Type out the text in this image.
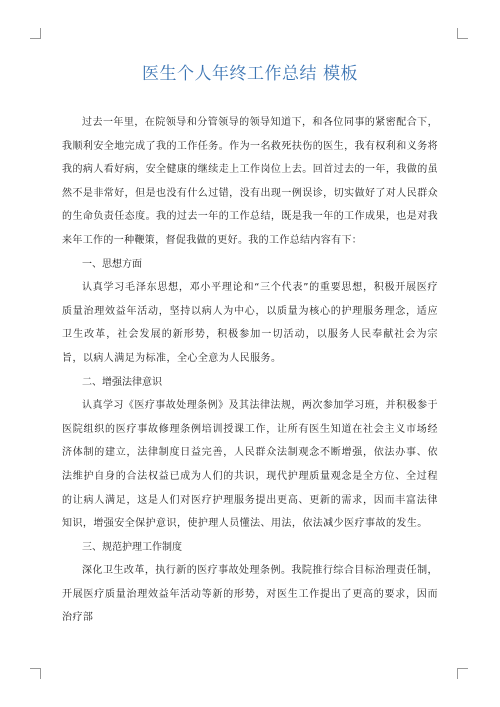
医生个人年终工作总结 模板

过去一年里，在院领导和分管领导的领导知道下，和各位同事的紧密配合下，我顺利安全地完成了我的工作任务。作为一名救死扶伤的医生，我有权利和义务将我的病人看好病，安全健康的继续走上工作岗位上去。回首过去的一年，我做的虽然不是非常好，但是也没有什么过错，没有出现一例误诊，切实做好了对人民群众的生命负责任态度。我的过去一年的工作总结，既是我一年的工作成果，也是对我来年工作的一种鞭策，督促我做的更好。我的工作总结内容有下：

一、思想方面

认真学习毛泽东思想，邓小平理论和“三个代表”的重要思想，积极开展医疗质量治理效益年活动，坚持以病人为中心，以质量为核心的护理服务理念，适应卫生改革，社会发展的新形势，积极参加一切活动，以服务人民奉献社会为宗旨，以病人满足为标准，全心全意为人民服务。

二、增强法律意识

认真学习《医疗事故处理条例》及其法律法规，两次参加学习班，并积极参于医院组织的医疗事故修理条例培训授课工作，让所有医生知道在社会主义市场经济体制的建立，法律制度日益完善，人民群众法制观念不断增强，依法办事、依法维护自身的合法权益已成为人们的共识，现代护理质量观念是全方位、全过程的让病人满足，这是人们对医疗护理服务提出更高、更新的需求，因而丰富法律知识，增强安全保护意识，使护理人员懂法、用法，依法减少医疗事故的发生。

三、规范护理工作制度

深化卫生改革，执行新的医疗事故处理条例。我院推行综合目标治理责任制，开展医疗质量治理效益年活动等新的形势，对医生工作提出了更高的要求，因而治疗部
